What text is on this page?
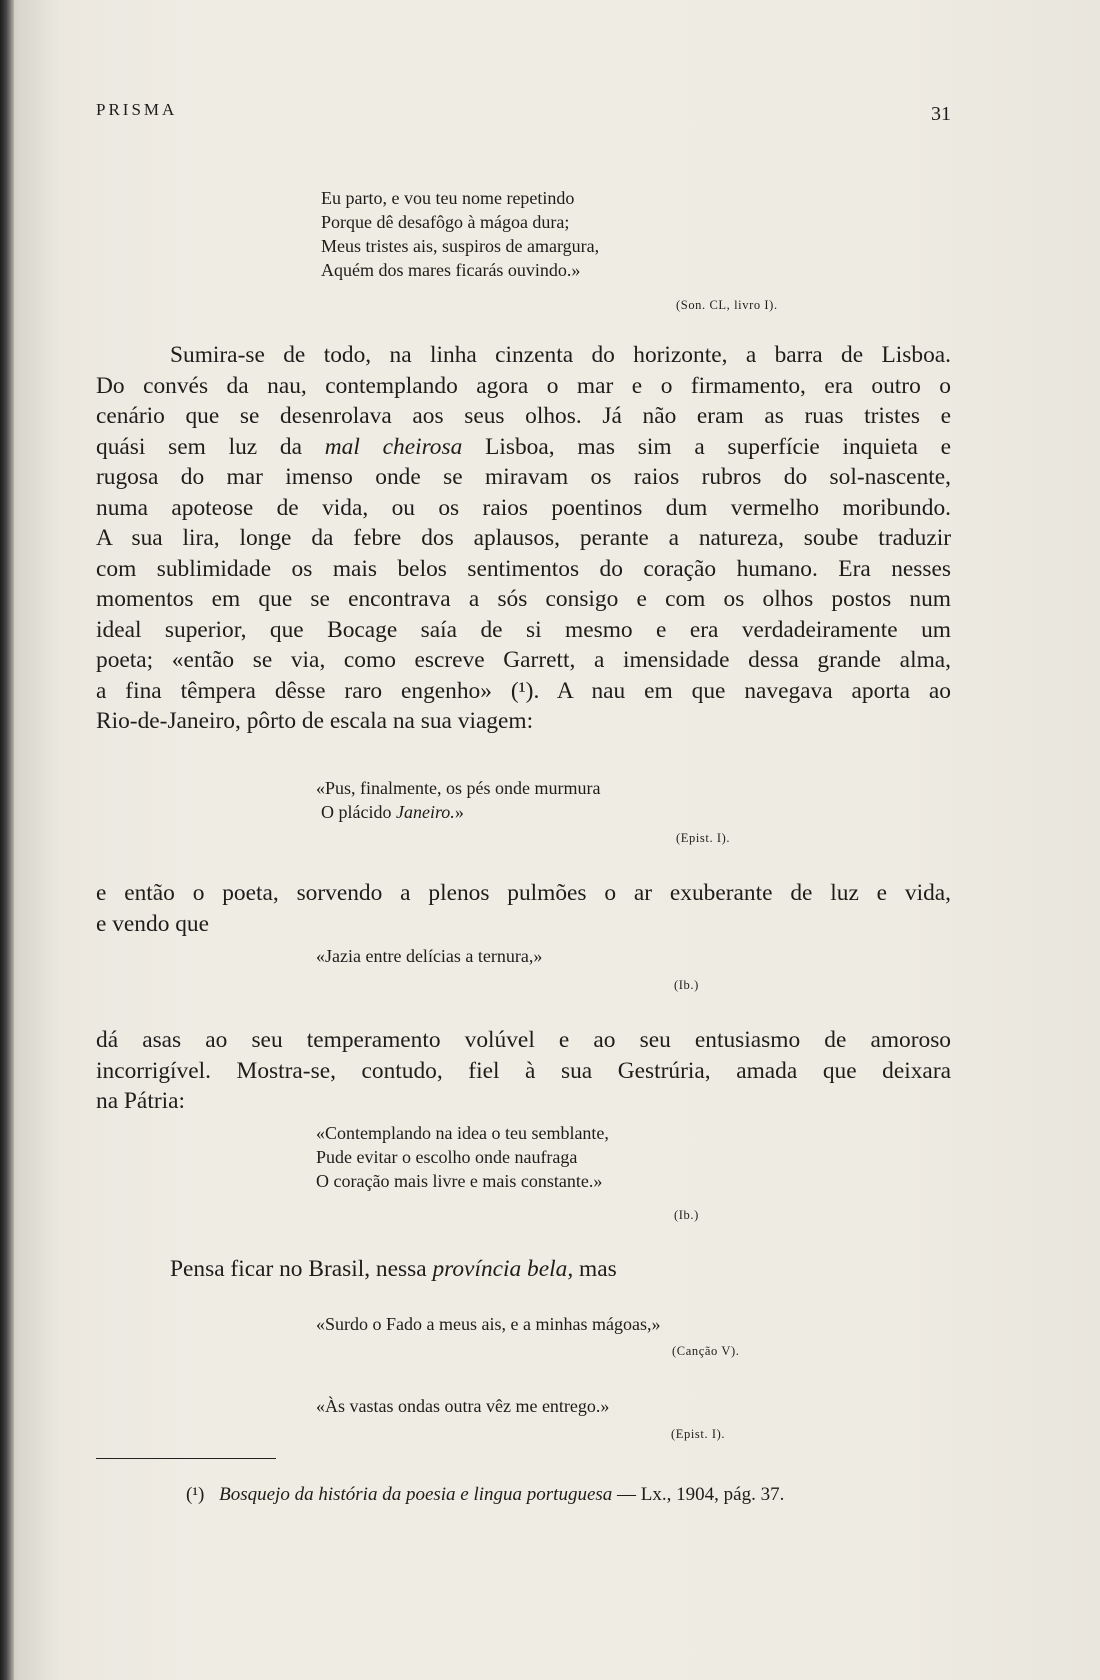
PRISMA	31
Eu parto, e vou teu nome repetindo
Porque dê desafôgo à mágoa dura;
Meus tristes ais, suspiros de amargura,
Aquém dos mares ficarás ouvindo.»
(Son. CL, livro I).
Sumira-se de todo, na linha cinzenta do horizonte, a barra de Lisboa.
Do convés da nau, contemplando agora o mar e o firmamento, era outro o
cenário que se desenrolava aos seus olhos. Já não eram as ruas tristes e
quási sem luz da mal cheirosa Lisboa, mas sim a superfície inquieta e
rugosa do mar imenso onde se miravam os raios rubros do sol-nascente,
numa apoteose de vida, ou os raios poentinos dum vermelho moribundo.
A sua lira, longe da febre dos aplausos, perante a natureza, soube traduzir
com sublimidade os mais belos sentimentos do coração humano. Era nesses
momentos em que se encontrava a sós consigo e com os olhos postos num
ideal superior, que Bocage saía de si mesmo e era verdadeiramente um
poeta; «então se via, como escreve Garrett, a imensidade dessa grande alma,
a fina têmpera dêsse raro engenho» (¹). A nau em que navegava aporta ao
Rio-de-Janeiro, pôrto de escala na sua viagem:
«Pus, finalmente, os pés onde murmura
O plácido Janeiro.»
(Epist. I).
e então o poeta, sorvendo a plenos pulmões o ar exuberante de luz e vida,
e vendo que
«Jazia entre delícias a ternura,»
(Ib.)
dá asas ao seu temperamento volúvel e ao seu entusiasmo de amoroso
incorrigível. Mostra-se, contudo, fiel à sua Gestrúria, amada que deixara
na Pátria:
«Contemplando na idea o teu semblante,
Pude evitar o escolho onde naufraga
O coração mais livre e mais constante.»
(Ib.)
Pensa ficar no Brasil, nessa província bela, mas
«Surdo o Fado a meus ais, e a minhas mágoas,»
(Canção V).
«Às vastas ondas outra vêz me entrego.»
(Epist. I).
(¹) Bosquejo da história da poesia e lingua portuguesa — Lx., 1904, pág. 37.
